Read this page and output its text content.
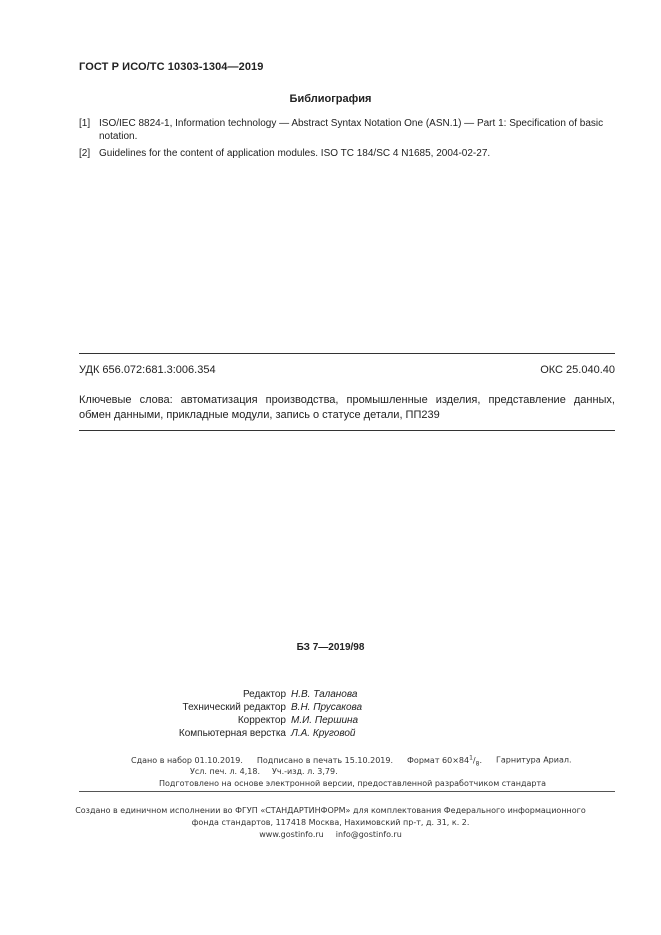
ГОСТ Р ИСО/ТС 10303-1304—2019
Библиография
[1] ISO/IEC 8824-1, Information technology — Abstract Syntax Notation One (ASN.1) — Part 1: Specification of basic notation.
[2] Guidelines for the content of application modules. ISO TC 184/SC 4 N1685, 2004-02-27.
УДК 656.072:681.3:006.354	ОКС 25.040.40
Ключевые слова: автоматизация производства, промышленные изделия, представление данных,
обмен данными, прикладные модули, запись о статусе детали, ПП239
БЗ 7—2019/98
Редактор Н.В. Таланова
Технический редактор В.Н. Прусакова
Корректор М.И. Першина
Компьютерная верстка Л.А. Круговой
Сдано в набор 01.10.2019. Подписано в печать 15.10.2019. Формат $60\times 84^1/_8$. Гарнитура Ариал.
Усл. печ. л. 4,18. Уч.-изд. л. 3,79.
Подготовлено на основе электронной версии, предоставленной разработчиком стандарта
Создано в единичном исполнении во ФГУП «СТАНДАРТИНФОРМ» для комплектования Федерального информационного
фонда стандартов, 117418 Москва, Нахимовский пр-т, д. 31, к. 2.
www.gostinfo.ru info@gostinfo.ru
